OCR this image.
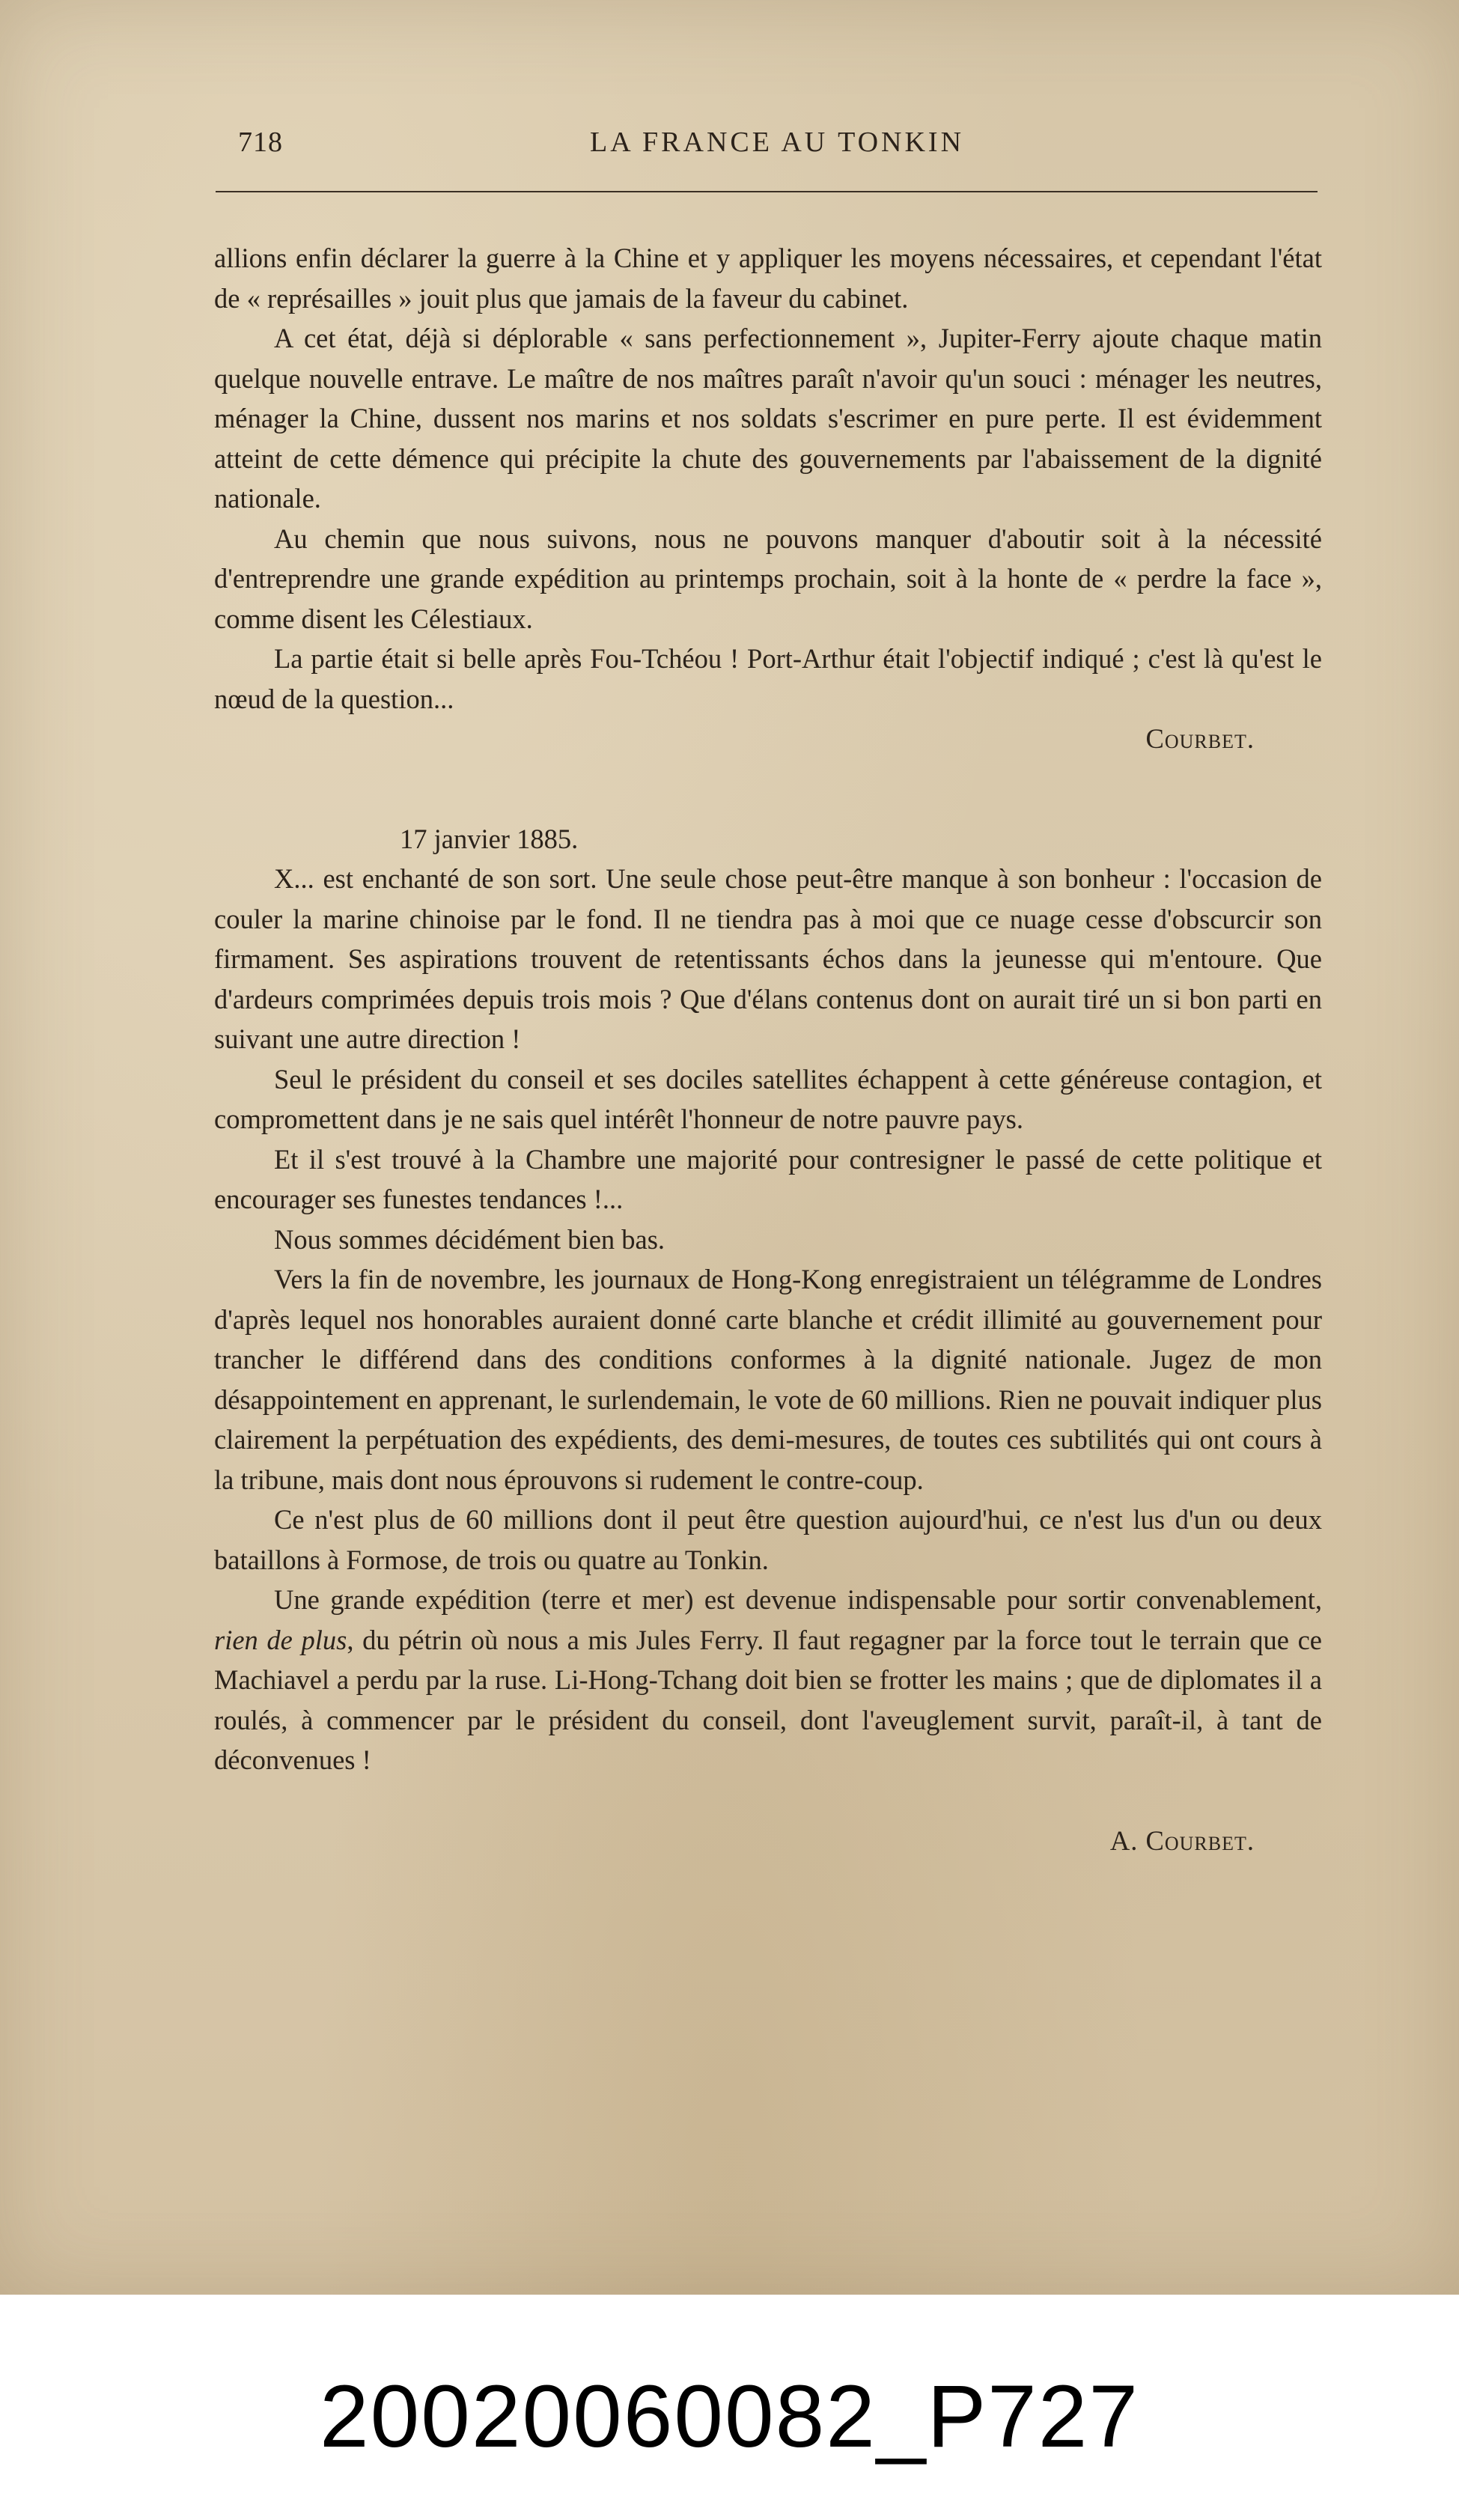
718	LA FRANCE AU TONKIN

allions enfin déclarer la guerre à la Chine et y appliquer les moyens nécessaires, et cependant l'état de « représailles » jouit plus que jamais de la faveur du cabinet.

A cet état, déjà si déplorable « sans perfectionnement », Jupiter-Ferry ajoute chaque matin quelque nouvelle entrave. Le maître de nos maîtres paraît n'avoir qu'un souci : ménager les neutres, ménager la Chine, dussent nos marins et nos soldats s'escrimer en pure perte. Il est évidemment atteint de cette démence qui précipite la chute des gouvernements par l'abaissement de la dignité nationale.

Au chemin que nous suivons, nous ne pouvons manquer d'aboutir soit à la nécessité d'entreprendre une grande expédition au printemps prochain, soit à la honte de « perdre la face », comme disent les Célestiaux.

La partie était si belle après Fou-Tchéou ! Port-Arthur était l'objectif indiqué ; c'est là qu'est le nœud de la question...

Courbet.

17 janvier 1885.

X... est enchanté de son sort. Une seule chose peut-être manque à son bonheur : l'occasion de couler la marine chinoise par le fond. Il ne tiendra pas à moi que ce nuage cesse d'obscurcir son firmament. Ses aspirations trouvent de retentissants échos dans la jeunesse qui m'entoure. Que d'ardeurs comprimées depuis trois mois ? Que d'élans contenus dont on aurait tiré un si bon parti en suivant une autre direction !

Seul le président du conseil et ses dociles satellites échappent à cette généreuse contagion, et compromettent dans je ne sais quel intérêt l'honneur de notre pauvre pays.

Et il s'est trouvé à la Chambre une majorité pour contresigner le passé de cette politique et encourager ses funestes tendances !...

Nous sommes décidément bien bas.

Vers la fin de novembre, les journaux de Hong-Kong enregistraient un télégramme de Londres d'après lequel nos honorables auraient donné carte blanche et crédit illimité au gouvernement pour trancher le différend dans des conditions conformes à la dignité nationale. Jugez de mon désappointement en apprenant, le surlendemain, le vote de 60 millions. Rien ne pouvait indiquer plus clairement la perpétuation des expédients, des demi-mesures, de toutes ces subtilités qui ont cours à la tribune, mais dont nous éprouvons si rudement le contre-coup.

Ce n'est plus de 60 millions dont il peut être question aujourd'hui, ce n'est lus d'un ou deux bataillons à Formose, de trois ou quatre au Tonkin.

Une grande expédition (terre et mer) est devenue indispensable pour sortir convenablement, rien de plus, du pétrin où nous a mis Jules Ferry. Il faut regagner par la force tout le terrain que ce Machiavel a perdu par la ruse. Li-Hong-Tchang doit bien se frotter les mains ; que de diplomates il a roulés, à commencer par le président du conseil, dont l'aveuglement survit, paraît-il, à tant de déconvenues !

A. Courbet.

20020060082_P727
